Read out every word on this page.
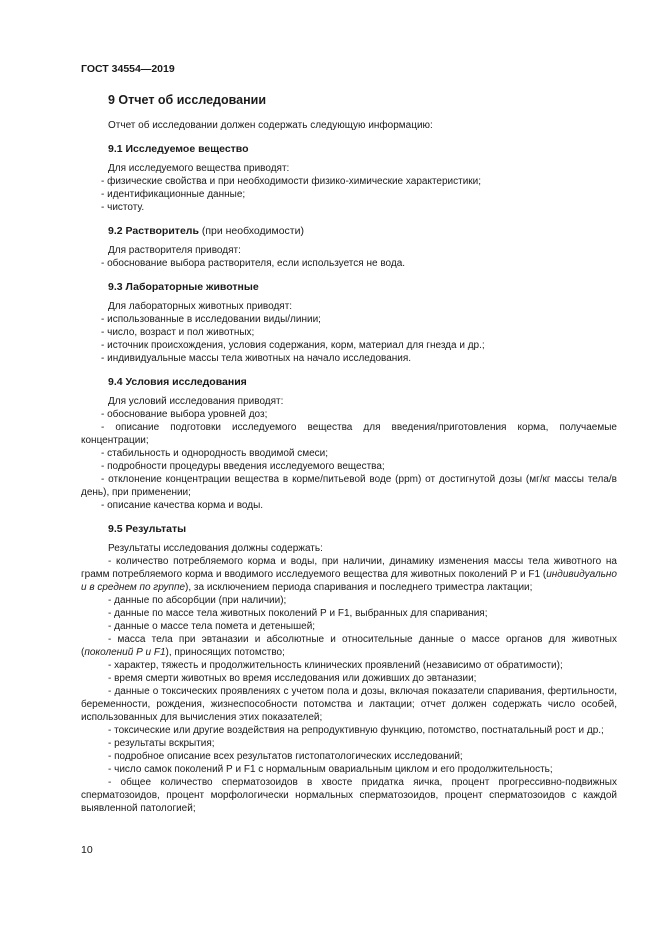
ГОСТ 34554—2019
9 Отчет об исследовании

Отчет об исследовании должен содержать следующую информацию:

9.1 Исследуемое вещество

Для исследуемого вещества приводят:

- физические свойства и при необходимости физико-химические характеристики;

- идентификационные данные;

- чистоту.

9.2 Растворитель (при необходимости)

Для растворителя приводят:

- обоснование выбора растворителя, если используется не вода.

9.3 Лабораторные животные

Для лабораторных животных приводят:

- использованные в исследовании виды/линии;

- число, возраст и пол животных;

- источник происхождения, условия содержания, корм, материал для гнезда и др.;

- индивидуальные массы тела животных на начало исследования.

9.4 Условия исследования

Для условий исследования приводят:

- обоснование выбора уровней доз;

- описание подготовки исследуемого вещества для введения/приготовления корма, получаемые концентрации;

- стабильность и однородность вводимой смеси;

- подробности процедуры введения исследуемого вещества;

- отклонение концентрации вещества в корме/питьевой воде (ppm) от достигнутой дозы (мг/кг массы тела/в день), при применении;

- описание качества корма и воды.

9.5 Результаты

Результаты исследования должны содержать:

- количество потребляемого корма и воды, при наличии, динамику изменения массы тела животного на грамм потребляемого корма и вводимого исследуемого вещества для животных поколений Р и F1 (индивидуально и в среднем по группе), за исключением периода спаривания и последнего триместра лактации;

- данные по абсорбции (при наличии);

- данные по массе тела животных поколений Р и F1, выбранных для спаривания;

- данные о массе тела помета и детенышей;

- масса тела при эвтаназии и абсолютные и относительные данные о массе органов для животных (поколений Р и F1), приносящих потомство;

- характер, тяжесть и продолжительность клинических проявлений (независимо от обратимости);

- время смерти животных во время исследования или доживших до эвтаназии;

- данные о токсических проявлениях с учетом пола и дозы, включая показатели спаривания, фертильности, беременности, рождения, жизнеспособности потомства и лактации; отчет должен содержать число особей, использованных для вычисления этих показателей;

- токсические или другие воздействия на репродуктивную функцию, потомство, постнатальный рост и др.;

- результаты вскрытия;

- подробное описание всех результатов гистопатологических исследований;

- число самок поколений Р и F1 с нормальным овариальным циклом и его продолжительность;

- общее количество сперматозоидов в хвосте придатка яичка, процент прогрессивно-подвижных сперматозоидов, процент морфологически нормальных сперматозоидов, процент сперматозоидов с каждой выявленной патологией;

10
